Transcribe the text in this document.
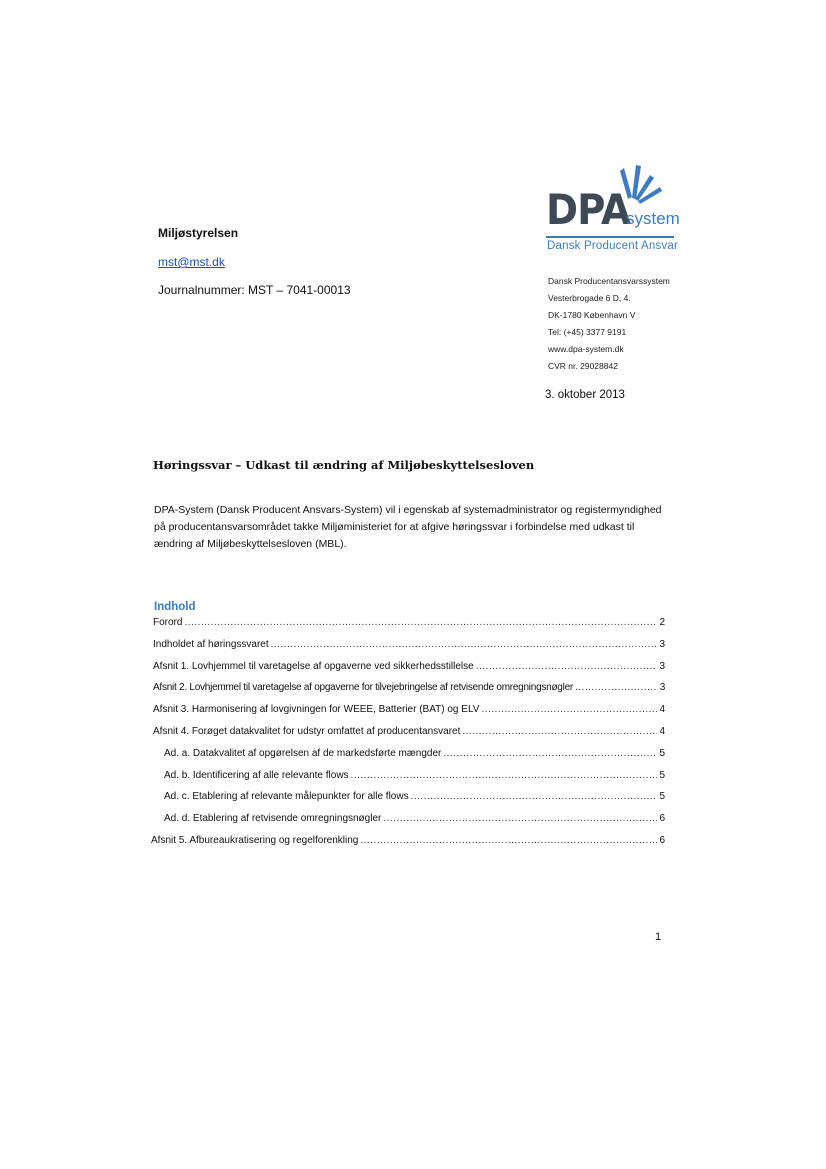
Miljøstyrelsen
mst@mst.dk
Journalnummer: MST – 7041-00013
DPA
system
Dansk Producent Ansvar
Dansk Producentansvarssystem
Vesterbrogade 6 D, 4.
DK-1780 København V
Tel: (+45) 3377 9191
www.dpa-system.dk
CVR nr. 29028842
3. oktober 2013
Høringssvar – Udkast til ændring af Miljøbeskyttelsesloven
DPA-System (Dansk Producent Ansvars-System) vil i egenskab af systemadministrator og registermyndighed på producentansvarsområdet takke Miljøministeriet for at afgive høringssvar i forbindelse med udkast til ændring af Miljøbeskyttelsesloven (MBL).
Indhold
Forord .....	2
Indholdet af høringssvaret .....	3
Afsnit 1. Lovhjemmel til varetagelse af opgaverne ved sikkerhedsstillelse .....	3
Afsnit 2. Lovhjemmel til varetagelse af opgaverne for tilvejebringelse af retvisende omregningsnøgler .....	3
Afsnit 3. Harmonisering af lovgivningen for WEEE, Batterier (BAT) og ELV .....	4
Afsnit 4. Forøget datakvalitet for udstyr omfattet af producentansvaret .....	4
Ad. a. Datakvalitet af opgørelsen af de markedsførte mængder .....	5
Ad. b. Identificering af alle relevante flows .....	5
Ad. c. Etablering af relevante målepunkter for alle flows .....	5
Ad. d. Etablering af retvisende omregningsnøgler .....	6
Afsnit 5. Afbureaukratisering og regelforenkling .....	6
1
